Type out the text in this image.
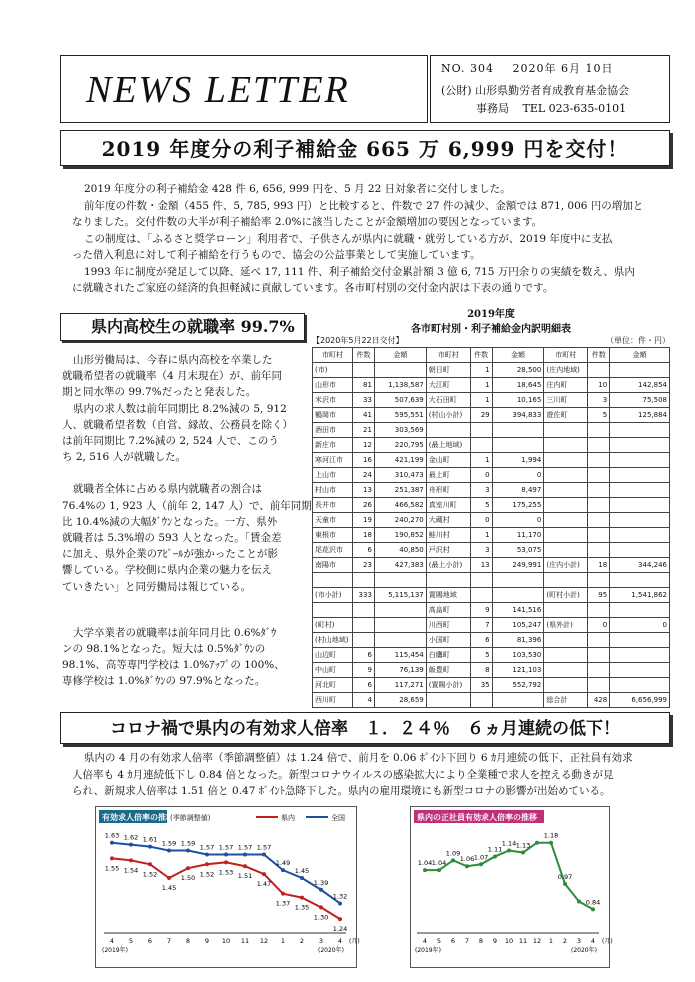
NEWS LETTER
NO. 304 2020年 6月 10日
(公財) 山形県勤労者育成教育基金協会
事務局 TEL 023-635-0101
2019 年度分の利子補給金 665 万 6,999 円を交付！
2019 年度分の利子補給金 428 件 6, 656, 999 円を、5 月 22 日対象者に交付しました。
前年度の件数・金額（455 件、5, 785, 993 円）と比較すると、件数で 27 件の減少、金額では 871, 006 円の増加と
なりました。交付件数の大半が利子補給率 2.0%に該当したことが金額増加の要因となっています。
この制度は、「ふるさと奨学ローン」利用者で、子供さんが県内に就職・就労している方が、2019 年度中に支払
った借入利息に対して利子補給を行うもので、協会の公益事業として実施しています。
1993 年に制度が発足して以降、延べ 17, 111 件、利子補給交付金累計額 3 億 6, 715 万円余りの実績を数え、県内
に就職されたご家庭の経済的負担軽減に貢献しています。各市町村別の交付金内訳は下表の通りです。
県内高校生の就職率 99.7%
山形労働局は、今春に県内高校を卒業した
就職希望者の就職率（4 月末現在）が、前年同
期と同水準の 99.7%だったと発表した。
県内の求人数は前年同期比 8.2%減の 5, 912
人、就職希望者数（自営、縁故、公務員を除く）
は前年同期比 7.2%減の 2, 524 人で、このう
ち 2, 516 人が就職した。
就職者全体に占める県内就職者の割合は
76.4%の 1, 923 人（前年 2, 147 人）で、前年同期
比 10.4%減の大幅ﾀﾞｳﾝとなった。一方、県外
就職者は 5.3%増の 593 人となった。「賃金差
に加え、県外企業のｱﾋﾟｰﾙが強かったことが影
響している。学校側に県内企業の魅力を伝え
ていきたい」と同労働局は報じている。
大学卒業者の就職率は前年同月比 0.6%ﾀﾞｳ
ンの 98.1%となった。短大は 0.5%ﾀﾞｳﾝの
98.1%、高等専門学校は 1.0%ｱｯﾌﾟの 100%、
専修学校は 1.0%ﾀﾞｳﾝの 97.9%となった。
2019年度
各市町村別・利子補給金内訳明細表
【2020年5月22日交付】	（単位：件・円）
市町村	件数	金額	市町村	件数	金額	市町村	件数	金額
(市)			朝日町	1	28,500	(庄内地域)		
山形市	81	1,138,587	大江町	1	18,645	庄内町	10	142,854
米沢市	33	507,639	大石田町	1	10,165	三川町	3	75,508
鶴岡市	41	595,551	(村山小計)	29	394,833	遊佐町	5	125,884
酒田市	21	303,569						
新庄市	12	220,795	(最上地域)					
寒河江市	16	421,199	金山町	1	1,994			
上山市	24	310,473	最上町	0	0			
村山市	13	251,387	舟形町	3	8,497			
長井市	26	466,582	真室川町	5	175,255			
天童市	19	240,270	大蔵村	0	0			
東根市	18	190,852	鮭川村	1	11,170			
尾花沢市	6	40,850	戸沢村	3	53,075			
南陽市	23	427,383	(最上小計)	13	249,991	(庄内小計)	18	344,246

(市小計)	333	5,115,137	置賜地域			(町村小計)	95	1,541,862
			高畠町	9	141,516			
(町村)			川西町	7	105,247	(県外計)	0	0
(村山地域)			小国町	6	81,396			
山辺町	6	115,454	白鷹町	5	103,530			
中山町	9	76,139	飯豊町	8	121,103			
河北町	6	117,271	(置賜小計)	35	552,792			
西川町	4	28,659				総合計	428	6,656,999
コロナ禍で県内の有効求人倍率　１．２４％　６ヵ月連続の低下！
県内の 4 月の有効求人倍率（季節調整値）は 1.24 倍で、前月を 0.06 ﾎﾟｲﾝﾄ下回り 6 ｶ月連続の低下、正社員有効求
人倍率も 4 ｶ月連続低下し 0.84 倍となった。新型コロナウイルスの感染拡大により全業種で求人を控える動きが見
られ、新規求人倍率は 1.51 倍と 0.47 ﾎﾟｲﾝﾄ急降下した。県内の雇用環境にも新型コロナの影響が出始めている。
有効求人倍率の推移
(季節調整値)	県内	全国
4 5 6 7 8 9 10 11 12 1 2 3 4 (月)
(2019年)	(2020年)
1.55 1.54 1.52
1.45
1.50 1.52 1.53 1.51
1.47
1.37 1.35
1.30
1.24
1.63 1.62 1.61 1.59 1.59 1.57 1.57 1.57 1.57
1.49
1.45
1.39
1.32
県内の正社員有効求人倍率の推移
4 5 6 7 8 9 10 11 12 1 2 3 4 (月)
(2019年)	(2020年)
1.04 1.04
1.09
1.06 1.07
1.11
1.14 1.13
1.18
0.97
0.84
